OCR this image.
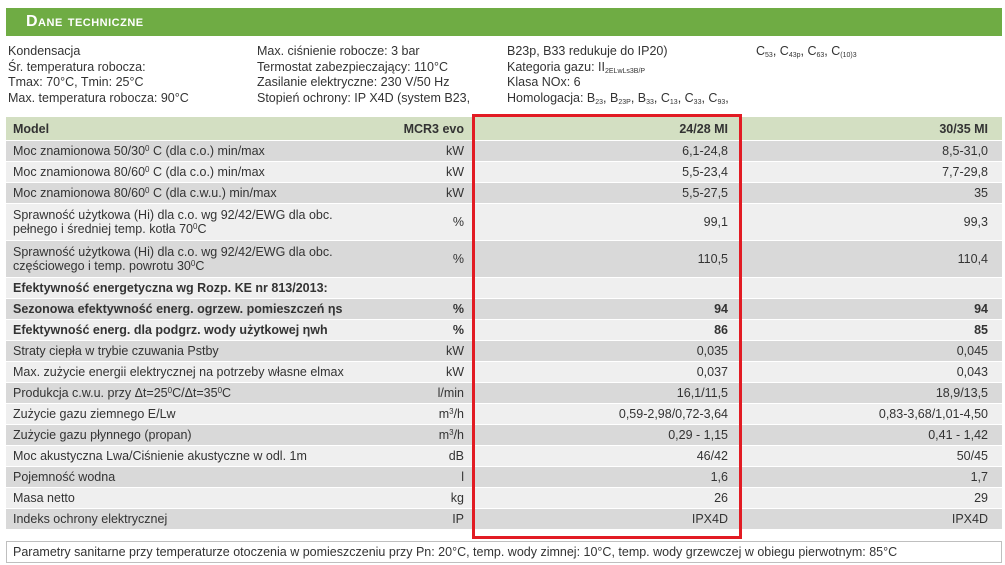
Dane techniczne
Kondensacja
Śr. temperatura robocza:
Tmax: 70°C, Tmin: 25°C
Max. temperatura robocza: 90°C
Max. ciśnienie robocze: 3 bar
Termostat zabezpieczający: 110°C
Zasilanie elektryczne: 230 V/50 Hz
Stopień ochrony: IP X4D (system B23,
B23p, B33 redukuje do IP20)
Kategoria gazu: $II_{2ELwLs3B/P}$
Klasa NOx: 6
Homologacja: $B_{23}$, $B_{23P}$, $B_{33}$, $C_{13}$, $C_{33}$, $C_{93}$,
$C_{53}$, $C_{43p}$, $C_{63}$, $C_{(10)3}$
Model	MCR3 evo	24/28 MI	30/35 MI
Moc znamionowa $50/30^0$ C (dla c.o.) min/max	kW	6,1-24,8	8,5-31,0
Moc znamionowa $80/60^0$ C (dla c.o.) min/max	kW	5,5-23,4	7,7-29,8
Moc znamionowa $80/60^0$ C (dla c.w.u.) min/max	kW	5,5-27,5	35
Sprawność użytkowa (Hi) dla c.o. wg 92/42/EWG dla obc.
pełnego i średniej temp. kotła $70^0C$	%	99,1	99,3
Sprawność użytkowa (Hi) dla c.o. wg 92/42/EWG dla obc.
częściowego i temp. powrotu $30^0C$	%	110,5	110,4
Efektywność energetyczna wg Rozp. KE nr 813/2013:			
Sezonowa efektywność energ. ogrzew. pomieszczeń ηs	%	94	94
Efektywność energ. dla podgrz. wody użytkowej ηwh	%	86	85
Straty ciepła w trybie czuwania Pstby	kW	0,035	0,045
Max. zużycie energii elektrycznej na potrzeby własne elmax	kW	0,037	0,043
Produkcja c.w.u. przy $\Delta t=25^0C/\Delta t=35^0C$	l/min	16,1/11,5	18,9/13,5
Zużycie gazu ziemnego E/Lw	$m^3/h$	0,59-2,98/0,72-3,64	0,83-3,68/1,01-4,50
Zużycie gazu płynnego (propan)	$m^3/h$	0,29 - 1,15	0,41 - 1,42
Moc akustyczna Lwa/Ciśnienie akustyczne w odl. 1m	dB	46/42	50/45
Pojemność wodna	l	1,6	1,7
Masa netto	kg	26	29
Indeks ochrony elektrycznej	IP	IPX4D	IPX4D
Parametry sanitarne przy temperaturze otoczenia w pomieszczeniu przy Pn: 20°C, temp. wody zimnej: 10°C, temp. wody grzewczej w obiegu pierwotnym: 85°C
